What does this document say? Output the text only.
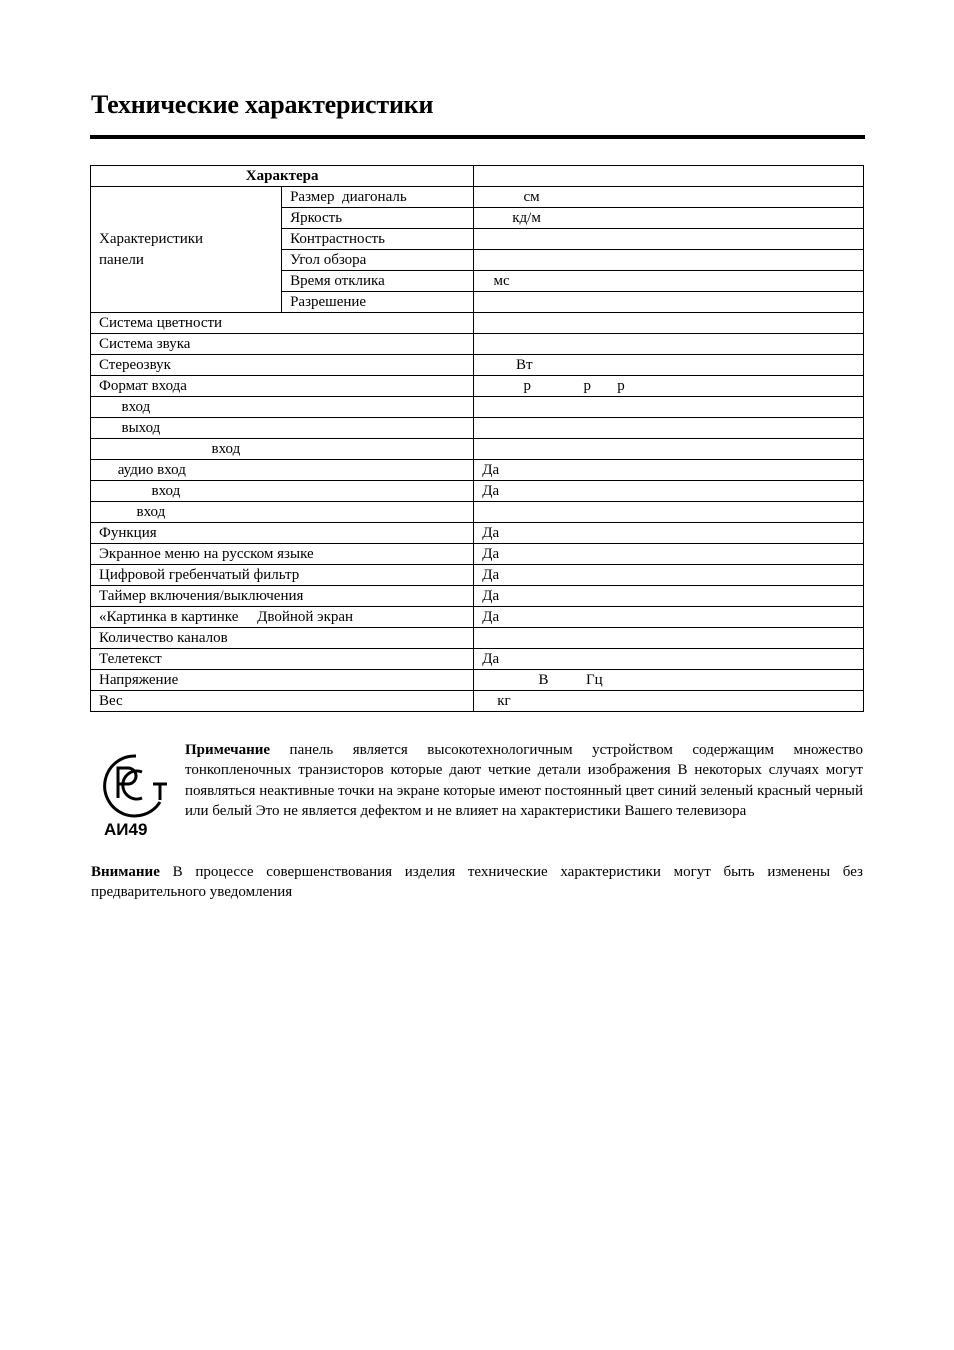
Технические характеристики
Характера		
Характеристики
панели	Размер  диагональ	см
	Яркость	кд/м
	Контрастность	
	Угол обзора	
	Время отклика	мс
	Разрешение	
Система цветности		
Система звука		
Стереозвук		Вт
Формат входа		р              р       р
вход		
выход		
вход		
аудио вход		Да
вход		Да
вход		
Функция		Да
Экранное меню на русском языке		Да
Цифровой гребенчатый фильтр		Да
Таймер включения/выключения		Да
«Картинка в картинке     Двойной экран		Да
Количество каналов		
Телетекст		Да
Напряжение		В          Гц
Вес		кг
АИ49
Примечание панель является высокотехнологичным устройством содержащим множество тонкопленочных транзисторов которые дают четкие детали изображения В некоторых случаях могут появляться неактивные точки на экране которые имеют постоянный цвет синий зеленый красный черный или белый Это не является дефектом и не влияет на характеристики Вашего телевизора
Внимание В процессе совершенствования изделия технические характеристики могут быть изменены без предварительного уведомления
